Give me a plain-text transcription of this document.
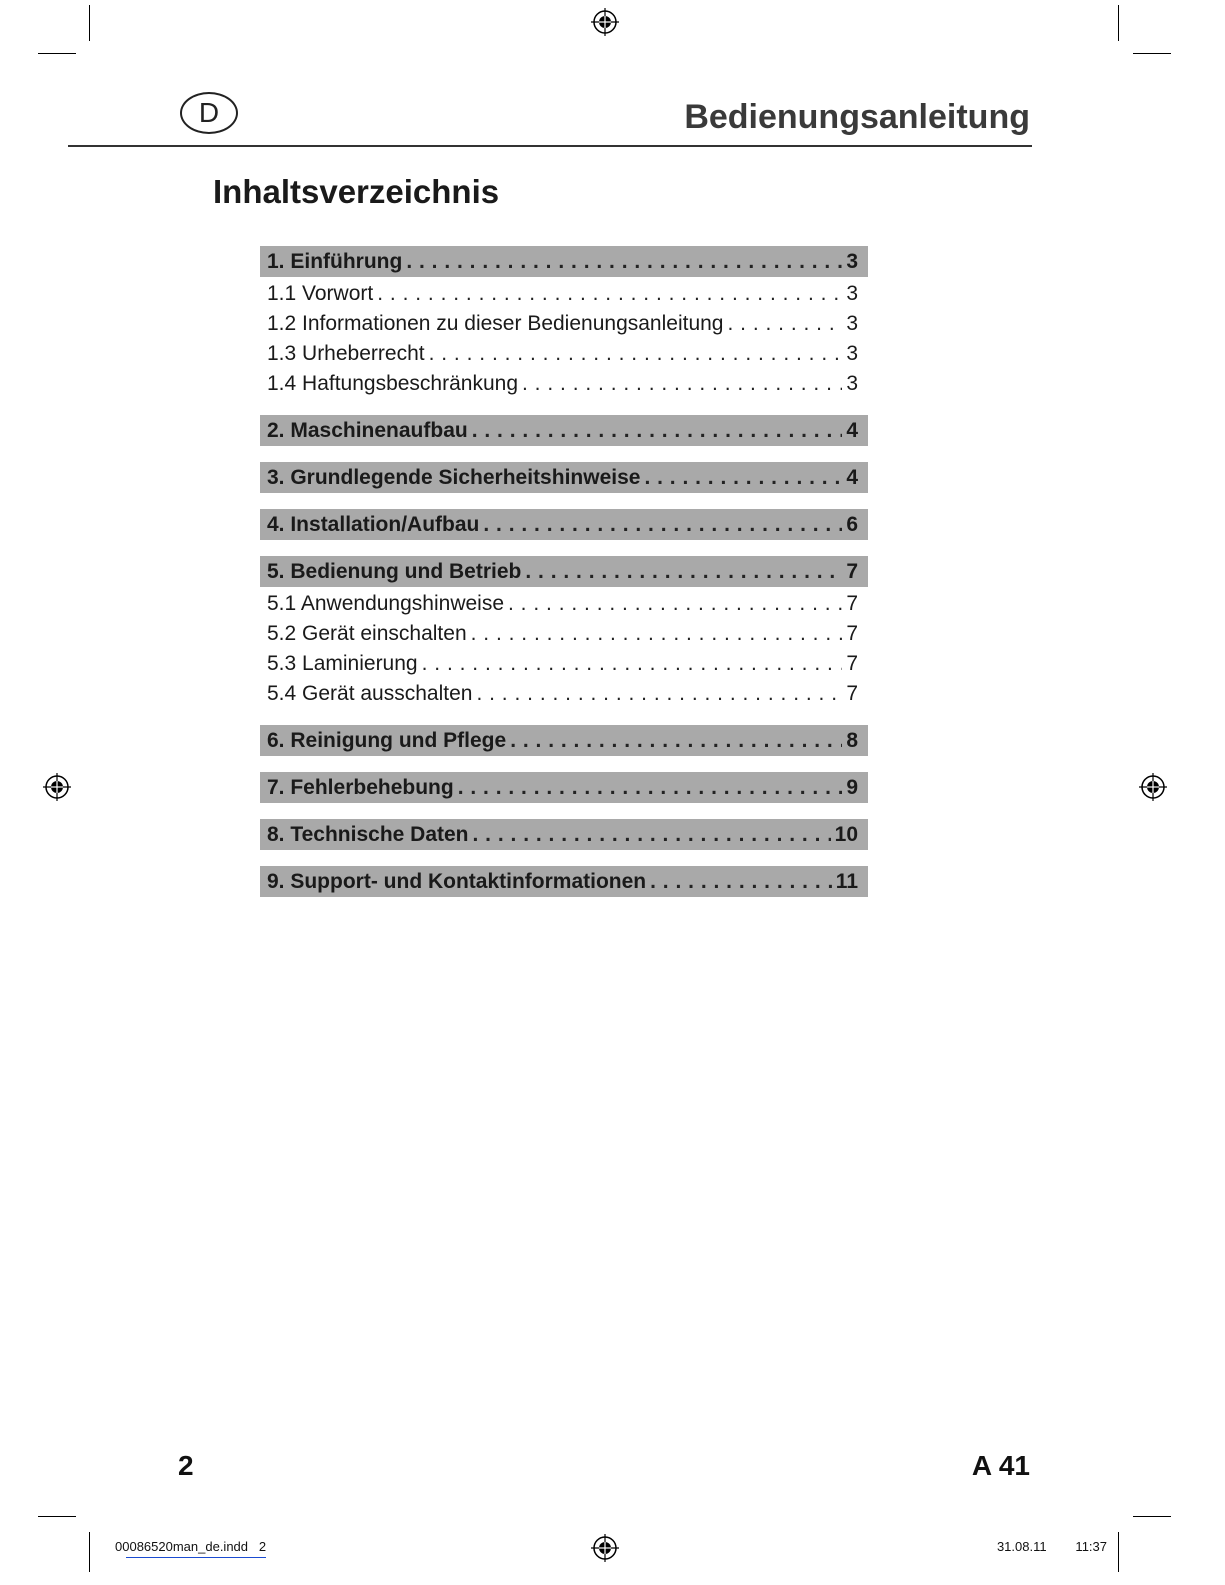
D	Bedienungsanleitung
Inhaltsverzeichnis
1. Einführung . . .	3
1.1 Vorwort . . .	3
1.2 Informationen zu dieser Bedienungsanleitung . . .	3
1.3 Urheberrecht . . .	3
1.4 Haftungsbeschränkung . . .	3
2. Maschinenaufbau . . .	4
3. Grundlegende Sicherheitshinweise . . .	4
4. Installation/Aufbau . . .	6
5. Bedienung und Betrieb . . .	7
5.1 Anwendungshinweise . . .	7
5.2 Gerät einschalten . . .	7
5.3 Laminierung . . .	7
5.4 Gerät ausschalten . . .	7
6. Reinigung und Pflege . . .	8
7. Fehlerbehebung . . .	9
8. Technische Daten . . .	10
9. Support- und Kontaktinformationen . . .	11
2	A 41
00086520man_de.indd   2	31.08.11   11:37
